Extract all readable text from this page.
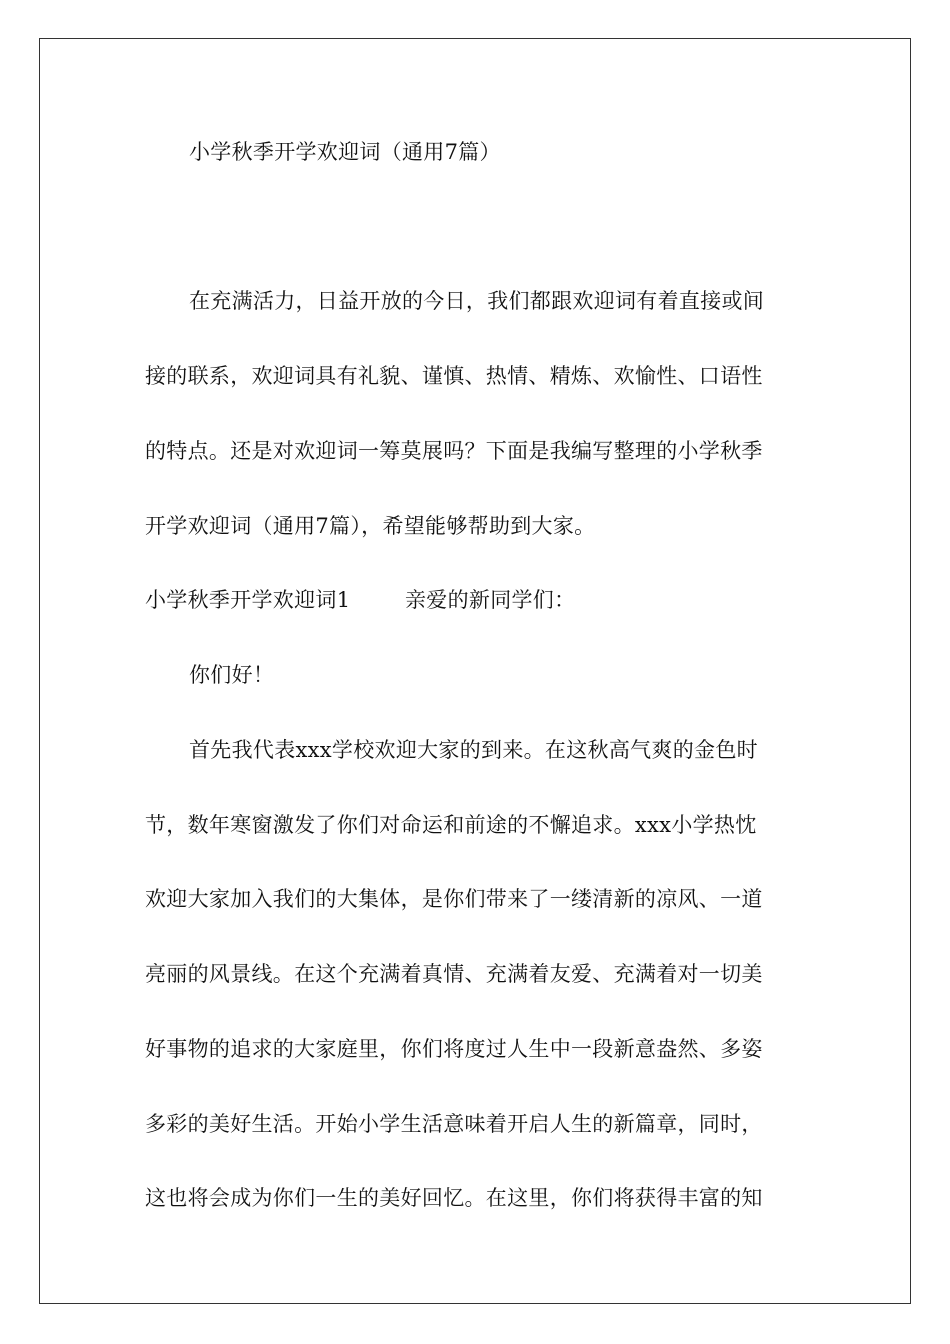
小学秋季开学欢迎词（通用7篇）
在充满活力，日益开放的今日，我们都跟欢迎词有着直接或间
接的联系，欢迎词具有礼貌、谨慎、热情、精炼、欢愉性、口语性
的特点。还是对欢迎词一筹莫展吗？下面是我编写整理的小学秋季
开学欢迎词（通用7篇），希望能够帮助到大家。
小学秋季开学欢迎词1	亲爱的新同学们：
你们好！
首先我代表xxx学校欢迎大家的到来。在这秋高气爽的金色时
节，数年寒窗激发了你们对命运和前途的不懈追求。xxx小学热忱
欢迎大家加入我们的大集体，是你们带来了一缕清新的凉风、一道
亮丽的风景线。在这个充满着真情、充满着友爱、充满着对一切美
好事物的追求的大家庭里，你们将度过人生中一段新意盎然、多姿
多彩的美好生活。开始小学生活意味着开启人生的新篇章，同时，
这也将会成为你们一生的美好回忆。在这里，你们将获得丰富的知
